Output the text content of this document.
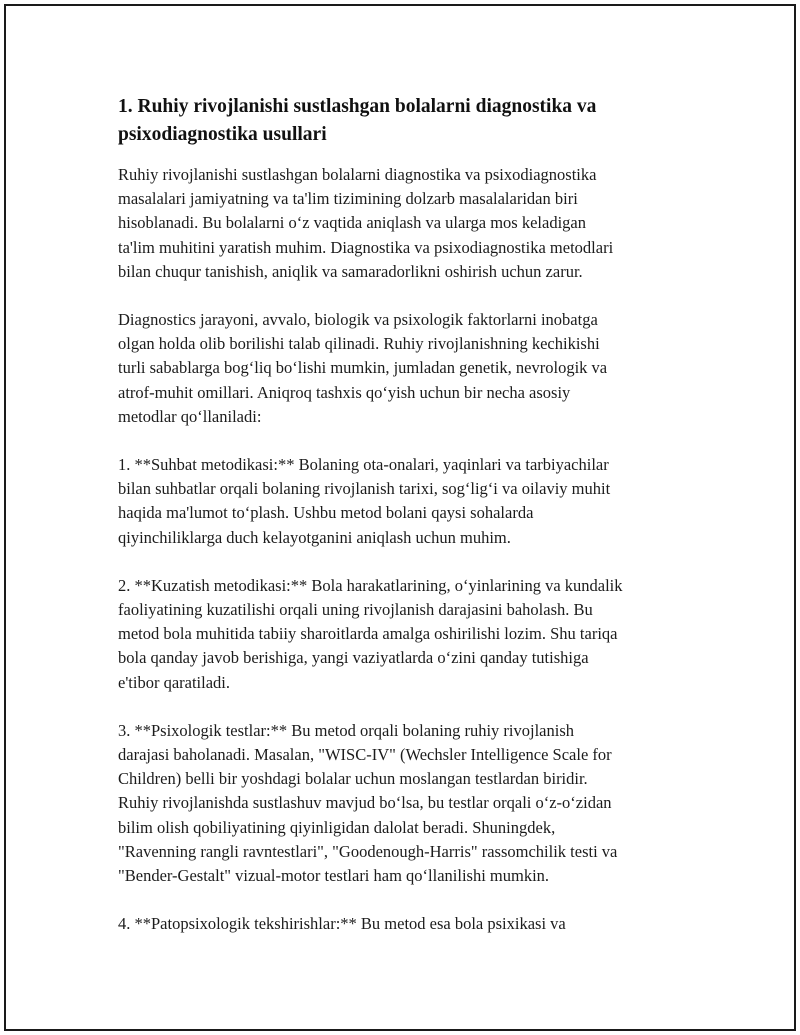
1. Ruhiy rivojlanishi sustlashgan bolalarni diagnostika va
psixodiagnostika usullari

Ruhiy rivojlanishi sustlashgan bolalarni diagnostika va psixodiagnostika
masalalari jamiyatning va ta'lim tizimining dolzarb masalalaridan biri
hisoblanadi. Bu bolalarni o‘z vaqtida aniqlash va ularga mos keladigan
ta'lim muhitini yaratish muhim. Diagnostika va psixodiagnostika metodlari
bilan chuqur tanishish, aniqlik va samaradorlikni oshirish uchun zarur.

Diagnostics jarayoni, avvalo, biologik va psixologik faktorlarni inobatga
olgan holda olib borilishi talab qilinadi. Ruhiy rivojlanishning kechikishi
turli sabablarga bog‘liq bo‘lishi mumkin, jumladan genetik, nevrologik va
atrof-muhit omillari. Aniqroq tashxis qo‘yish uchun bir necha asosiy
metodlar qo‘llaniladi:

1. **Suhbat metodikasi:** Bolaning ota-onalari, yaqinlari va tarbiyachilar
bilan suhbatlar orqali bolaning rivojlanish tarixi, sog‘lig‘i va oilaviy muhit
haqida ma'lumot to‘plash. Ushbu metod bolani qaysi sohalarda
qiyinchiliklarga duch kelayotganini aniqlash uchun muhim.

2. **Kuzatish metodikasi:** Bola harakatlarining, o‘yinlarining va kundalik
faoliyatining kuzatilishi orqali uning rivojlanish darajasini baholash. Bu
metod bola muhitida tabiiy sharoitlarda amalga oshirilishi lozim. Shu tariqa
bola qanday javob berishiga, yangi vaziyatlarda o‘zini qanday tutishiga
e'tibor qaratiladi.

3. **Psixologik testlar:** Bu metod orqali bolaning ruhiy rivojlanish
darajasi baholanadi. Masalan, "WISC-IV" (Wechsler Intelligence Scale for
Children) belli bir yoshdagi bolalar uchun moslangan testlardan biridir.
Ruhiy rivojlanishda sustlashuv mavjud bo‘lsa, bu testlar orqali o‘z-o‘zidan
bilim olish qobiliyatining qiyinligidan dalolat beradi. Shuningdek,
"Ravenning rangli ravntestlari", "Goodenough-Harris" rassomchilik testi va
"Bender-Gestalt" vizual-motor testlari ham qo‘llanilishi mumkin.

4. **Patopsixologik tekshirishlar:** Bu metod esa bola psixikasi va
